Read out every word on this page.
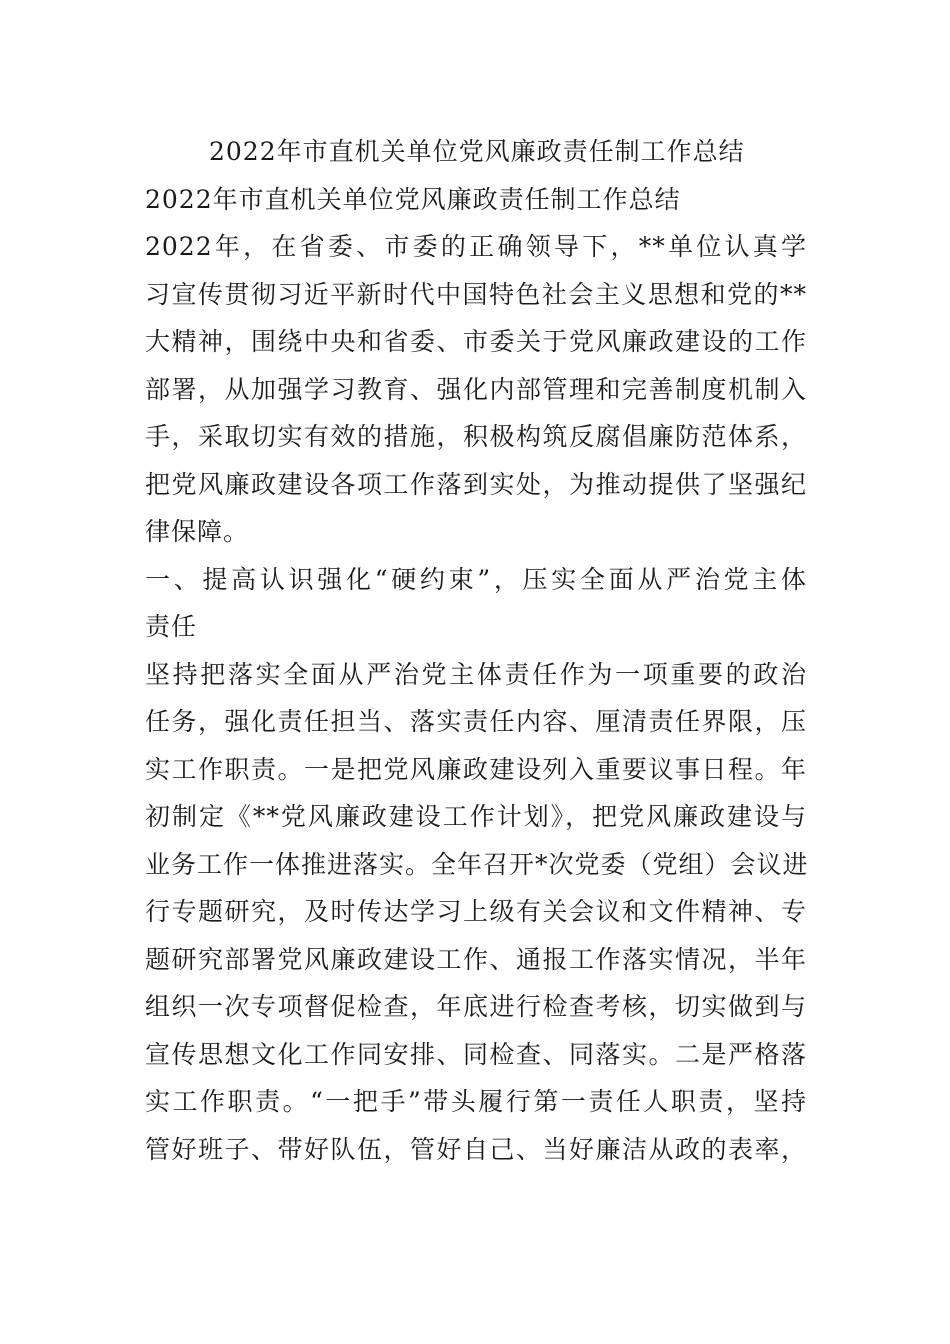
2022年市直机关单位党风廉政责任制工作总结
2022年市直机关单位党风廉政责任制工作总结
2022年，在省委、市委的正确领导下，**单位认真学
习宣传贯彻习近平新时代中国特色社会主义思想和党的**
大精神，围绕中央和省委、市委关于党风廉政建设的工作
部署，从加强学习教育、强化内部管理和完善制度机制入
手，采取切实有效的措施，积极构筑反腐倡廉防范体系，
把党风廉政建设各项工作落到实处，为推动提供了坚强纪
律保障。
一、提高认识强化“硬约束”，压实全面从严治党主体
责任
坚持把落实全面从严治党主体责任作为一项重要的政治
任务，强化责任担当、落实责任内容、厘清责任界限，压
实工作职责。一是把党风廉政建设列入重要议事日程。年
初制定《**党风廉政建设工作计划》，把党风廉政建设与
业务工作一体推进落实。全年召开*次党委（党组）会议进
行专题研究，及时传达学习上级有关会议和文件精神、专
题研究部署党风廉政建设工作、通报工作落实情况，半年
组织一次专项督促检查，年底进行检查考核，切实做到与
宣传思想文化工作同安排、同检查、同落实。二是严格落
实工作职责。“一把手”带头履行第一责任人职责，坚持
管好班子、带好队伍，管好自己、当好廉洁从政的表率，
